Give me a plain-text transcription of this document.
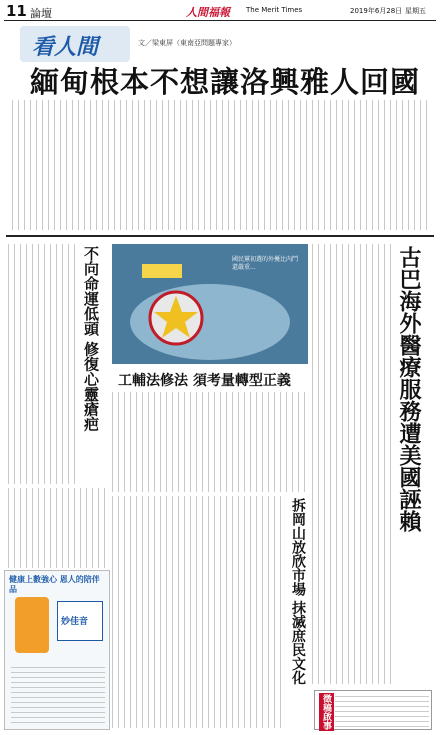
11 論壇	人間福報 The Merit Times	2019年6月28日 星期五
看人間	文／梁東屏（東南亞問題專家）
緬甸根本不想讓洛興雅人回國
古巴海外醫療服務遭美國誣賴
不向命運低頭 修復心靈瘡疤	國民黨初選的外擾比內鬥還嚴重...
工輔法修法 須考量轉型正義
拆岡山放欣市場 抹滅庶民文化
健康上數強心 恩人的陪伴品
妙佳音
徵稿啟事
